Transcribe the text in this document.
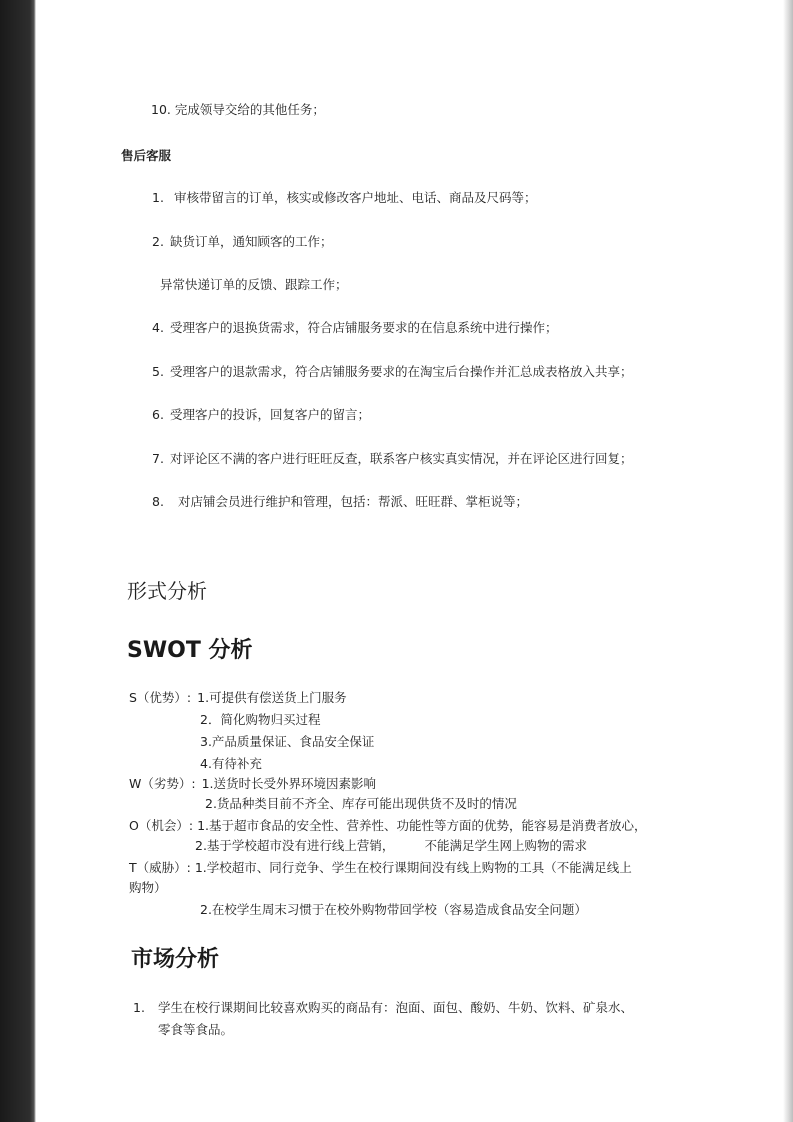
10. 完成领导交给的其他任务；
售后客服
1. 审核带留言的订单，核实或修改客户地址、电话、商品及尺码等；
2. 缺货订单，通知顾客的工作；
异常快递订单的反馈、跟踪工作；
4. 受理客户的退换货需求，符合店铺服务要求的在信息系统中进行操作；
5. 受理客户的退款需求，符合店铺服务要求的在淘宝后台操作并汇总成表格放入共享；
6. 受理客户的投诉，回复客户的留言；
7. 对评论区不满的客户进行旺旺反查，联系客户核实真实情况，并在评论区进行回复；
8. 对店铺会员进行维护和管理，包括：帮派、旺旺群、掌柜说等；
形式分析
SWOT 分析
S（优势）: 1.可提供有偿送货上门服务
2．简化购物归买过程
3.产品质量保证、食品安全保证
4.有待补充
W（劣势）: 1.送货时长受外界环境因素影响
2.货品种类目前不齐全、库存可能出现供货不及时的情况
O（机会）: 1.基于超市食品的安全性、营养性、功能性等方面的优势，能容易是消费者放心，
2.基于学校超市没有进行线上营销， 不能满足学生网上购物的需求
T（威胁）: 1.学校超市、同行竞争、学生在校行课期间没有线上购物的工具（不能满足线上
购物）
2.在校学生周末习惯于在校外购物带回学校（容易造成食品安全问题）
市场分析
1. 学生在校行课期间比较喜欢购买的商品有：泡面、面包、酸奶、牛奶、饮料、矿泉水、
零食等食品。
